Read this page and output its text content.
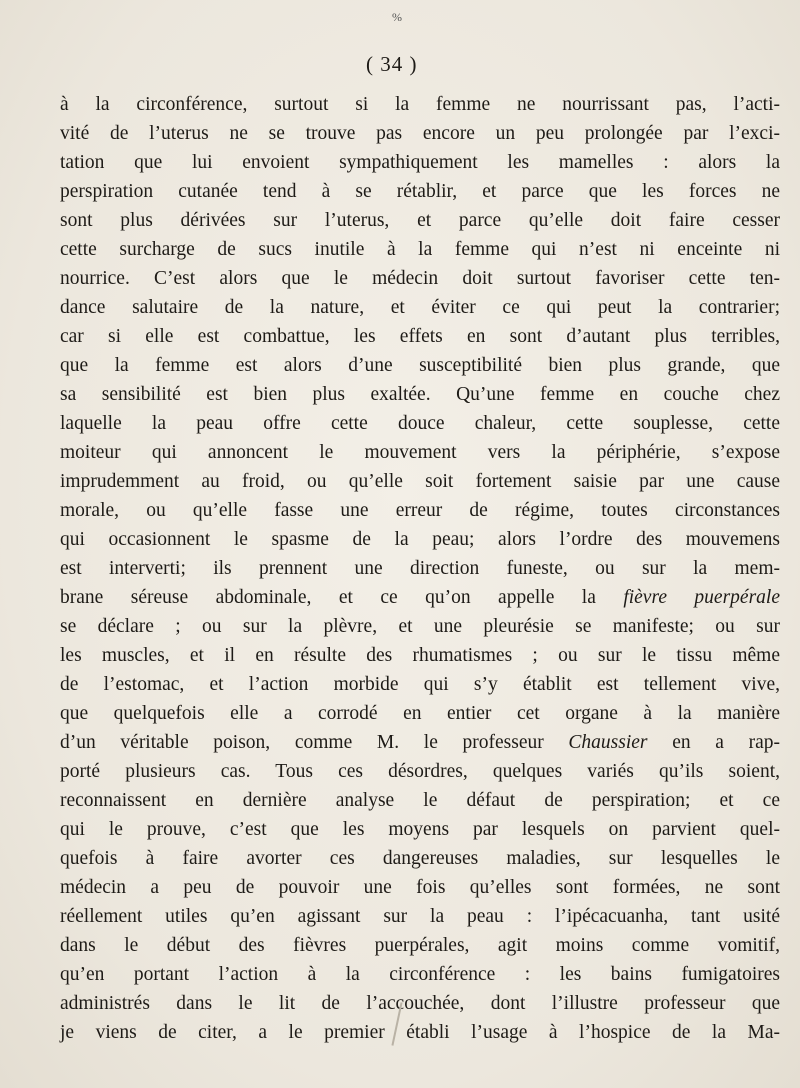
%
( 34 )
à la circonférence, surtout si la femme ne nourrissant pas, l’acti-
vité de l’uterus ne se trouve pas encore un peu prolongée par l’exci-
tation que lui envoient sympathiquement les mamelles : alors la
perspiration cutanée tend à se rétablir, et parce que les forces ne
sont plus dérivées sur l’uterus, et parce qu’elle doit faire cesser
cette surcharge de sucs inutile à la femme qui n’est ni enceinte ni
nourrice. C’est alors que le médecin doit surtout favoriser cette ten-
dance salutaire de la nature, et éviter ce qui peut la contrarier;
car si elle est combattue, les effets en sont d’autant plus terribles,
que la femme est alors d’une susceptibilité bien plus grande, que
sa sensibilité est bien plus exaltée. Qu’une femme en couche chez
laquelle la peau offre cette douce chaleur, cette souplesse, cette
moiteur qui annoncent le mouvement vers la périphérie, s’expose
imprudemment au froid, ou qu’elle soit fortement saisie par une cause
morale, ou qu’elle fasse une erreur de régime, toutes circonstances
qui occasionnent le spasme de la peau; alors l’ordre des mouvemens
est interverti; ils prennent une direction funeste, ou sur la mem-
brane séreuse abdominale, et ce qu’on appelle la fièvre puerpérale
se déclare ; ou sur la plèvre, et une pleurésie se manifeste; ou sur
les muscles, et il en résulte des rhumatismes ; ou sur le tissu même
de l’estomac, et l’action morbide qui s’y établit est tellement vive,
que quelquefois elle a corrodé en entier cet organe à la manière
d’un véritable poison, comme M. le professeur Chaussier en a rap-
porté plusieurs cas. Tous ces désordres, quelques variés qu’ils soient,
reconnaissent en dernière analyse le défaut de perspiration; et ce
qui le prouve, c’est que les moyens par lesquels on parvient quel-
quefois à faire avorter ces dangereuses maladies, sur lesquelles le
médecin a peu de pouvoir une fois qu’elles sont formées, ne sont
réellement utiles qu’en agissant sur la peau : l’ipécacuanha, tant usité
dans le début des fièvres puerpérales, agit moins comme vomitif,
qu’en portant l’action à la circonférence : les bains fumigatoires
administrés dans le lit de l’accouchée, dont l’illustre professeur que
je viens de citer, a le premier établi l’usage à l’hospice de la Ma-
